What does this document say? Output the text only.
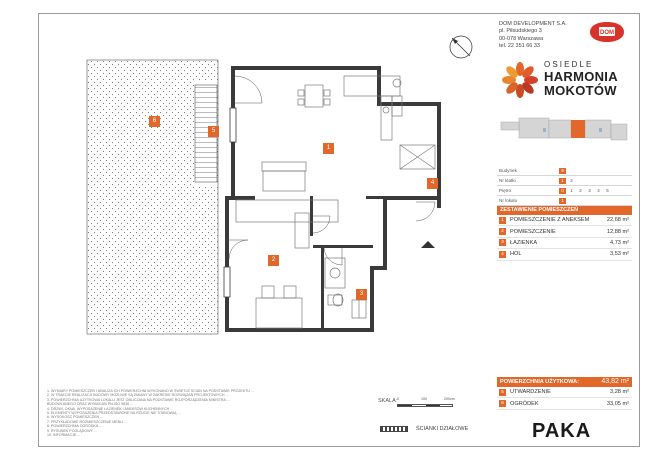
1
2
3
4
5
6
DOM DEVELOPMENT S.A.
pl. Piłsudskiego 3
00-078 Warszawa
tel. 22 351 66 33
DOM
OSIEDLE
HARMONIA
MOKOTÓW
Budynek	9
Nr klatki	1	2
Piętro	0	1	2	3	4	5
Nr lokalu	1
ZESTAWIENIE POMIESZCZEŃ
1	POMIESZCZENIE Z ANEKSEM	22,68 m²
2	POMIESZCZENIE	12,88 m²
3	ŁAZIENKA	4,73 m²
4	HOL	3,53 m²
POWIERZCHNIA UŻYTKOWA:	43,82 m²
5	UTWARDZENIE	3,28 m²
6	OGRÓDEK	33,05 m²
1. WYMIARY POMIESZCZEŃ I ANALIZA ICH POWIERZCHNI WYKONANO W ŚWIETLE ŚCIAN NA PODSTAWIE PROJEKTU ...
2. W TRAKCIE REALIZACJI BUDOWY MOŻLIWE SĄ ZMIANY W ZAKRESIE ROZWIĄZAŃ PROJEKTOWYCH ...
3. POWIERZCHNIA UŻYTKOWA LOKALU JEST OBLICZANA NA PODSTAWIE ROZPORZĄDZENIA MINISTRA ...
BUDOWLANEGO ORAZ WYMAGAŃ PN-ISO 9836 ...
4. DRZWI, OKNA, WYPOSAŻENIE ŁAZIENEK I ANEKSÓW KUCHENNYCH ...
5. ELEMENTY WYPOSAŻENIA PRZEDSTAWIONE NA RZUCIE NIE STANOWIĄ ...
6. WYSOKOŚĆ POMIESZCZEŃ ...
7. PRZYKŁADOWE ROZMIESZCZENIE MEBLI ...
8. POWIERZCHNIA OGRÓDKA ...
9. RYSUNEK POGLĄDOWY ...
10. INFORMACJE ...
SKALA: 0	100	200cm
ŚCIANKI DZIAŁOWE	PAKA
